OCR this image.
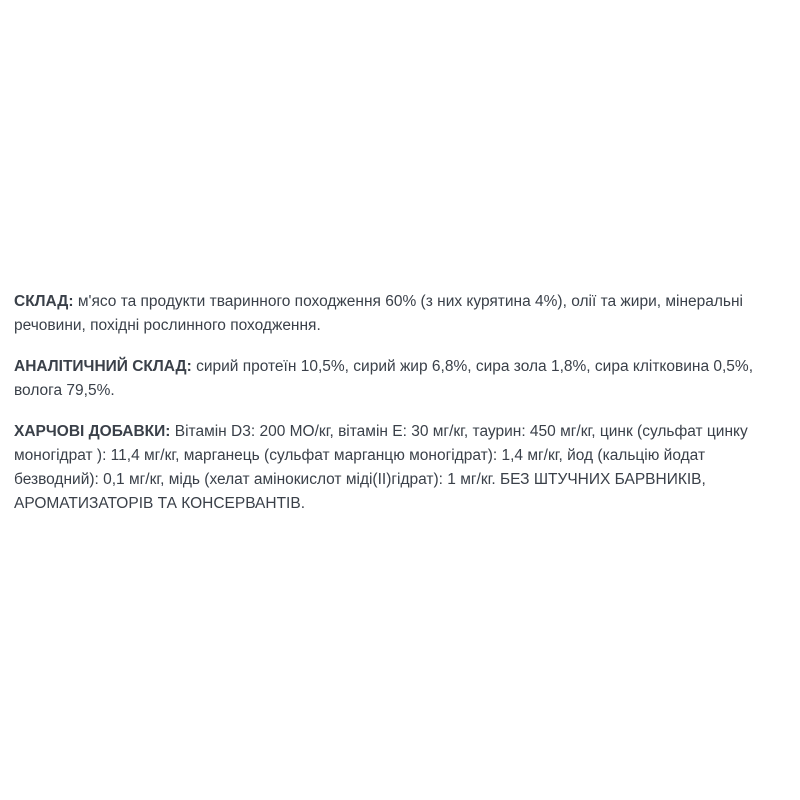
СКЛАД: м'ясо та продукти тваринного походження 60% (з них курятина 4%), олії та жири, мінеральні речовини, похідні рослинного походження.

АНАЛІТИЧНИЙ СКЛАД: сирий протеїн 10,5%, сирий жир 6,8%, сира зола 1,8%, сира клітковина 0,5%, волога 79,5%.

ХАРЧОВІ ДОБАВКИ: Вітамін D3: 200 МО/кг, вітамін Е: 30 мг/кг, таурин: 450 мг/кг, цинк (сульфат цинку моногідрат ): 11,4 мг/кг, марганець (сульфат марганцю моногідрат): 1,4 мг/кг, йод (кальцію йодат безводний): 0,1 мг/кг, мідь (хелат амінокислот міді(II)гідрат): 1 мг/кг. БЕЗ ШТУЧНИХ БАРВНИКІВ, АРОМАТИЗАТОРІВ ТА КОНСЕРВАНТІВ.
